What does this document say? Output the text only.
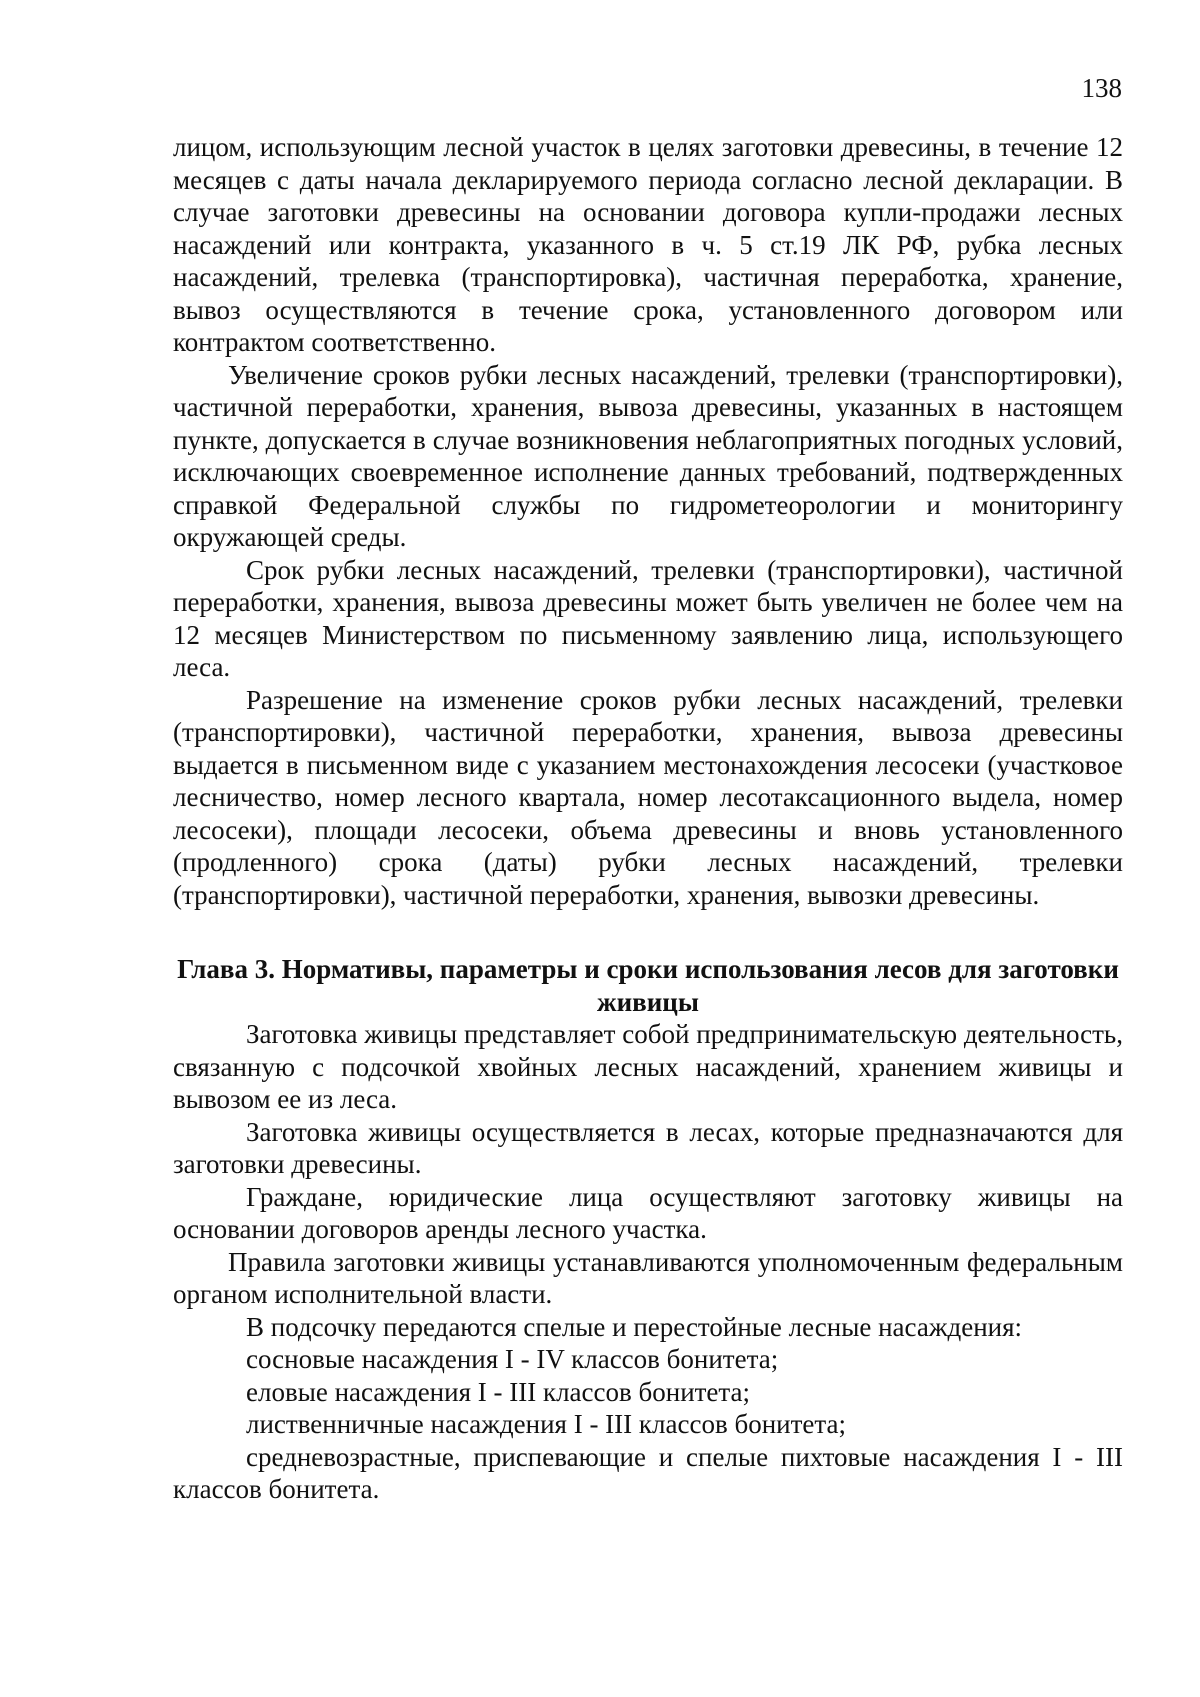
138

лицом, использующим лесной участок в целях заготовки древесины, в течение 12 месяцев с даты начала декларируемого периода согласно лесной декларации. В случае заготовки древесины на основании договора купли-продажи лесных насаждений или контракта, указанного в ч. 5 ст.19 ЛК РФ, рубка лесных насаждений, трелевка (транспортировка), частичная переработка, хранение, вывоз осуществляются в течение срока, установленного договором или контрактом соответственно.

Увеличение сроков рубки лесных насаждений, трелевки (транспортировки), частичной переработки, хранения, вывоза древесины, указанных в настоящем пункте, допускается в случае возникновения неблагоприятных погодных условий, исключающих своевременное исполнение данных требований, подтвержденных справкой Федеральной службы по гидрометеорологии и мониторингу окружающей среды.

Срок рубки лесных насаждений, трелевки (транспортировки), частичной переработки, хранения, вывоза древесины может быть увеличен не более чем на 12 месяцев Министерством по письменному заявлению лица, использующего леса.

Разрешение на изменение сроков рубки лесных насаждений, трелевки (транспортировки), частичной переработки, хранения, вывоза древесины выдается в письменном виде с указанием местонахождения лесосеки (участковое лесничество, номер лесного квартала, номер лесотаксационного выдела, номер лесосеки), площади лесосеки, объема древесины и вновь установленного (продленного) срока (даты) рубки лесных насаждений, трелевки (транспортировки), частичной переработки, хранения, вывозки древесины.

Глава 3. Нормативы, параметры и сроки использования лесов для заготовки живицы

Заготовка живицы представляет собой предпринимательскую деятельность, связанную с подсочкой хвойных лесных насаждений, хранением живицы и вывозом ее из леса.

Заготовка живицы осуществляется в лесах, которые предназначаются для заготовки древесины.

Граждане, юридические лица осуществляют заготовку живицы на основании договоров аренды лесного участка.

Правила заготовки живицы устанавливаются уполномоченным федеральным органом исполнительной власти.

В подсочку передаются спелые и перестойные лесные насаждения:

сосновые насаждения I - IV классов бонитета;

еловые насаждения I - III классов бонитета;

лиственничные насаждения I - III классов бонитета;

средневозрастные, приспевающие и спелые пихтовые насаждения I - III классов бонитета.
